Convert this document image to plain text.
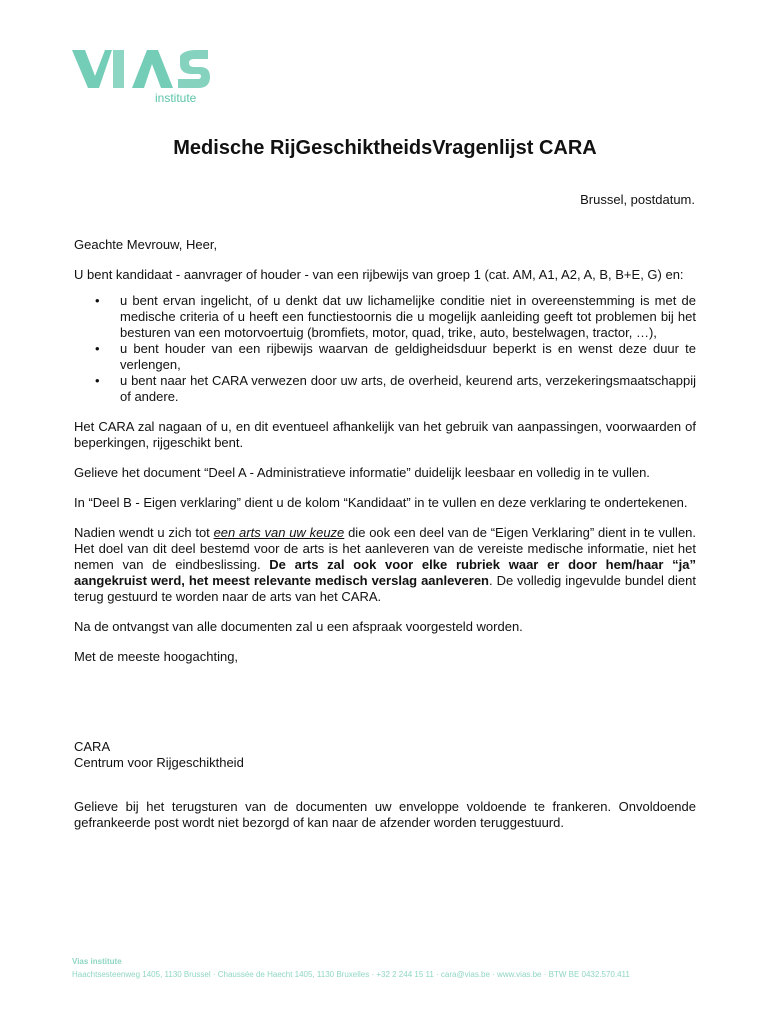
institute
Medische RijGeschiktheidsVragenlijst CARA
Brussel, postdatum.

Geachte Mevrouw, Heer,

U bent kandidaat - aanvrager of houder - van een rijbewijs van groep 1 (cat. AM, A1, A2, A, B, B+E, G) en:

• u bent ervan ingelicht, of u denkt dat uw lichamelijke conditie niet in overeenstemming is met de medische criteria of u heeft een functiestoornis die u mogelijk aanleiding geeft tot problemen bij het besturen van een motorvoertuig (bromfiets, motor, quad, trike, auto, bestelwagen, tractor, …),
• u bent houder van een rijbewijs waarvan de geldigheidsduur beperkt is en wenst deze duur te verlengen,
• u bent naar het CARA verwezen door uw arts, de overheid, keurend arts, verzekeringsmaatschappij of andere.

Het CARA zal nagaan of u, en dit eventueel afhankelijk van het gebruik van aanpassingen, voorwaarden of beperkingen, rijgeschikt bent.

Gelieve het document “Deel A - Administratieve informatie” duidelijk leesbaar en volledig in te vullen.

In “Deel B - Eigen verklaring” dient u de kolom “Kandidaat” in te vullen en deze verklaring te ondertekenen.

Nadien wendt u zich tot een arts van uw keuze die ook een deel van de “Eigen Verklaring” dient in te vullen. Het doel van dit deel bestemd voor de arts is het aanleveren van de vereiste medische informatie, niet het nemen van de eindbeslissing. De arts zal ook voor elke rubriek waar er door hem/haar “ja” aangekruist werd, het meest relevante medisch verslag aanleveren. De volledig ingevulde bundel dient terug gestuurd te worden naar de arts van het CARA.

Na de ontvangst van alle documenten zal u een afspraak voorgesteld worden.

Met de meeste hoogachting,

CARA
Centrum voor Rijgeschiktheid

Gelieve bij het terugsturen van de documenten uw enveloppe voldoende te frankeren. Onvoldoende gefrankeerde post wordt niet bezorgd of kan naar de afzender worden teruggestuurd.

Vias institute
Haachtsesteenweg 1405, 1130 Brussel · Chaussée de Haecht 1405, 1130 Bruxelles · +32 2 244 15 11 · cara@vias.be · www.vias.be · BTW BE 0432.570.411
